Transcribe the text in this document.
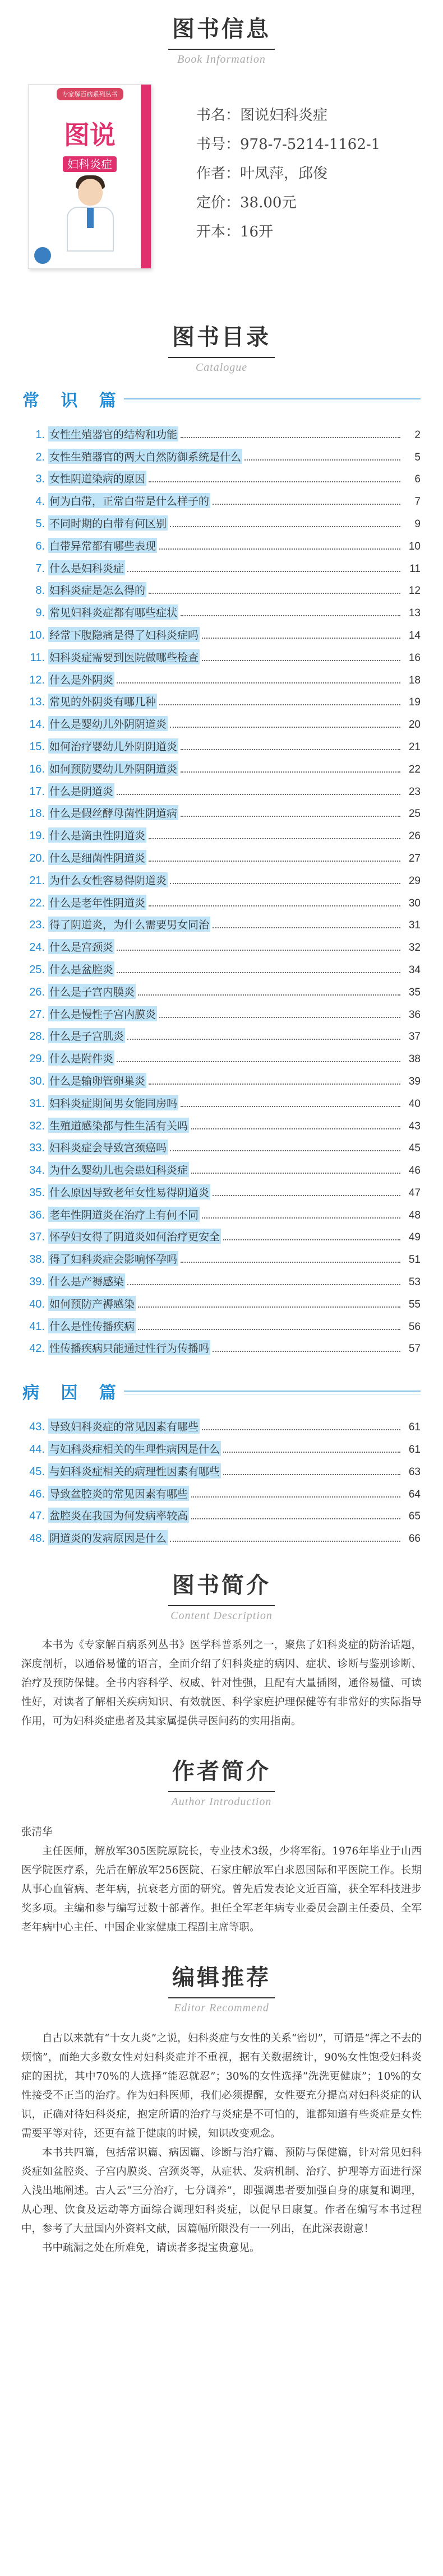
图书信息
Book Information
专家解百病系列丛书
图说
妇科炎症
书名：图说妇科炎症
书号：978-7-5214-1162-1
作者：叶凤萍，邱俊
定价：38.00元
开本：16开
图书目录
Catalogue
常 识 篇
1. 女性生殖器官的结构和功能	2
2. 女性生殖器官的两大自然防御系统是什么	5
3. 女性阴道染病的原因	6
4. 何为白带，正常白带是什么样子的	7
5. 不同时期的白带有何区别	9
6. 白带异常都有哪些表现	10
7. 什么是妇科炎症	11
8. 妇科炎症是怎么得的	12
9. 常见妇科炎症都有哪些症状	13
10. 经常下腹隐痛是得了妇科炎症吗	14
11. 妇科炎症需要到医院做哪些检查	16
12. 什么是外阴炎	18
13. 常见的外阴炎有哪几种	19
14. 什么是婴幼儿外阴阴道炎	20
15. 如何治疗婴幼儿外阴阴道炎	21
16. 如何预防婴幼儿外阴阴道炎	22
17. 什么是阴道炎	23
18. 什么是假丝酵母菌性阴道病	25
19. 什么是滴虫性阴道炎	26
20. 什么是细菌性阴道炎	27
21. 为什么女性容易得阴道炎	29
22. 什么是老年性阴道炎	30
23. 得了阴道炎，为什么需要男女同治	31
24. 什么是宫颈炎	32
25. 什么是盆腔炎	34
26. 什么是子宫内膜炎	35
27. 什么是慢性子宫内膜炎	36
28. 什么是子宫肌炎	37
29. 什么是附件炎	38
30. 什么是输卵管卵巢炎	39
31. 妇科炎症期间男女能同房吗	40
32. 生殖道感染都与性生活有关吗	43
33. 妇科炎症会导致宫颈癌吗	45
34. 为什么婴幼儿也会患妇科炎症	46
35. 什么原因导致老年女性易得阴道炎	47
36. 老年性阴道炎在治疗上有何不同	48
37. 怀孕妇女得了阴道炎如何治疗更安全	49
38. 得了妇科炎症会影响怀孕吗	51
39. 什么是产褥感染	53
40. 如何预防产褥感染	55
41. 什么是性传播疾病	56
42. 性传播疾病只能通过性行为传播吗	57
病 因 篇
43. 导致妇科炎症的常见因素有哪些	61
44. 与妇科炎症相关的生理性病因是什么	61
45. 与妇科炎症相关的病理性因素有哪些	63
46. 导致盆腔炎的常见因素有哪些	64
47. 盆腔炎在我国为何发病率较高	65
48. 阴道炎的发病原因是什么	66
图书简介
Content Description

本书为《专家解百病系列丛书》医学科普系列之一，聚焦了妇科炎症的防治话题，深度剖析，以通俗易懂的语言，全面介绍了妇科炎症的病因、症状、诊断与鉴别诊断、治疗及预防保健。全书内容科学、权威、针对性强，且配有大量插图，通俗易懂、可读性好，对读者了解相关疾病知识、有效就医、科学家庭护理保健等有非常好的实际指导作用，可为妇科炎症患者及其家属提供寻医问药的实用指南。

作者简介
Author Introduction

张清华

主任医师，解放军305医院原院长，专业技术3级，少将军衔。1976年毕业于山西医学院医疗系，先后在解放军256医院、石家庄解放军白求恩国际和平医院工作。长期从事心血管病、老年病，抗衰老方面的研究。曾先后发表论文近百篇，获全军科技进步奖多项。主编和参与编写过数十部著作。担任全军老年病专业委员会副主任委员、全军老年病中心主任、中国企业家健康工程副主席等职。

编辑推荐
Editor Recommend

自古以来就有“十女九炎”之说，妇科炎症与女性的关系“密切”，可谓是“挥之不去的烦恼”，而绝大多数女性对妇科炎症并不重视，据有关数据统计，90%女性饱受妇科炎症的困扰，其中70%的人选择“能忍就忍”；30%的女性选择“洗洗更健康”；10%的女性接受不正当的治疗。作为妇科医师，我们必须提醒，女性要充分提高对妇科炎症的认识，正确对待妇科炎症，抱定所谓的治疗与炎症是不可怕的，谁都知道有些炎症是女性需要平等对待，还更有益于健康的时候，知识改变观念。

本书共四篇，包括常识篇、病因篇、诊断与治疗篇、预防与保健篇，针对常见妇科炎症如盆腔炎、子宫内膜炎、宫颈炎等，从症状、发病机制、治疗、护理等方面进行深入浅出地阐述。古人云“三分治疗，七分调养”，即强调患者要加强自身的康复和调理，从心理、饮食及运动等方面综合调理妇科炎症，以促早日康复。作者在编写本书过程中，参考了大量国内外资料文献，因篇幅所限没有一一列出，在此深表谢意！

书中疏漏之处在所难免，请读者多提宝贵意见。
